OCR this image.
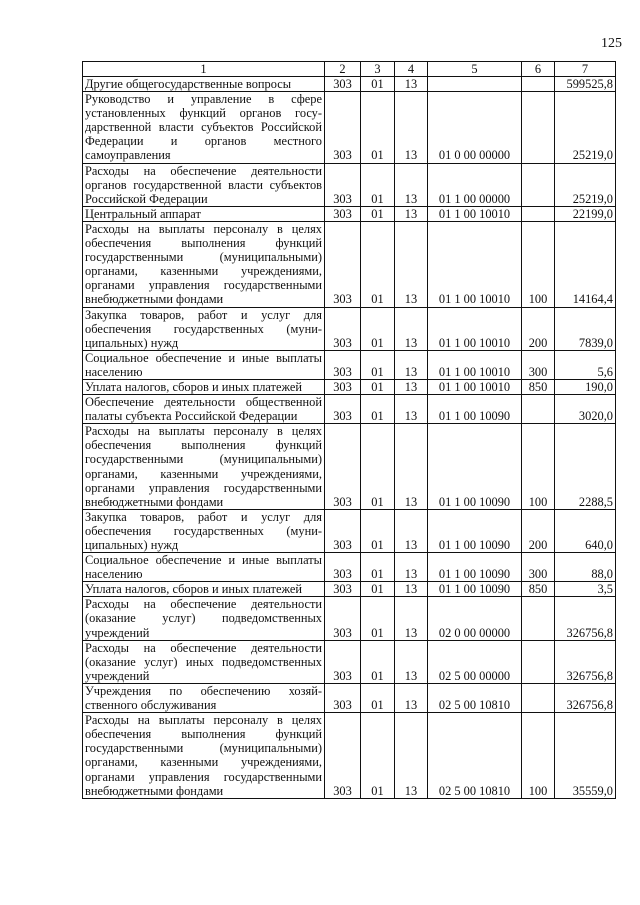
125
1	2	3	4	5	6	7
Другие общегосударственные вопросы	303	01	13			599525,8
Руководство и управление в сфере установленных функций органов государственной власти субъектов Российской Федерации и органов местного самоуправления	303	01	13	01 0 00 00000		25219,0
Расходы на обеспечение деятельности органов государственной власти субъектов Российской Федерации	303	01	13	01 1 00 00000		25219,0
Центральный аппарат	303	01	13	01 1 00 10010		22199,0
Расходы на выплаты персоналу в целях обеспечения выполнения функций государственными (муниципальными) органами, казенными учреждениями, органами управления государственными внебюджетными фондами	303	01	13	01 1 00 10010	100	14164,4
Закупка товаров, работ и услуг для обеспечения государственных (муниципальных) нужд	303	01	13	01 1 00 10010	200	7839,0
Социальное обеспечение и иные выплаты населению	303	01	13	01 1 00 10010	300	5,6
Уплата налогов, сборов и иных платежей	303	01	13	01 1 00 10010	850	190,0
Обеспечение деятельности общественной палаты субъекта Российской Федерации	303	01	13	01 1 00 10090		3020,0
Расходы на выплаты персоналу в целях обеспечения выполнения функций государственными (муниципальными) органами, казенными учреждениями, органами управления государственными внебюджетными фондами	303	01	13	01 1 00 10090	100	2288,5
Закупка товаров, работ и услуг для обеспечения государственных (муниципальных) нужд	303	01	13	01 1 00 10090	200	640,0
Социальное обеспечение и иные выплаты населению	303	01	13	01 1 00 10090	300	88,0
Уплата налогов, сборов и иных платежей	303	01	13	01 1 00 10090	850	3,5
Расходы на обеспечение деятельности (оказание услуг) подведомственных учреждений	303	01	13	02 0 00 00000		326756,8
Расходы на обеспечение деятельности (оказание услуг) иных подведомственных учреждений	303	01	13	02 5 00 00000		326756,8
Учреждения по обеспечению хозяйственного обслуживания	303	01	13	02 5 00 10810		326756,8
Расходы на выплаты персоналу в целях обеспечения выполнения функций государственными (муниципальными) органами, казенными учреждениями, органами управления государственными внебюджетными фондами	303	01	13	02 5 00 10810	100	35559,0
